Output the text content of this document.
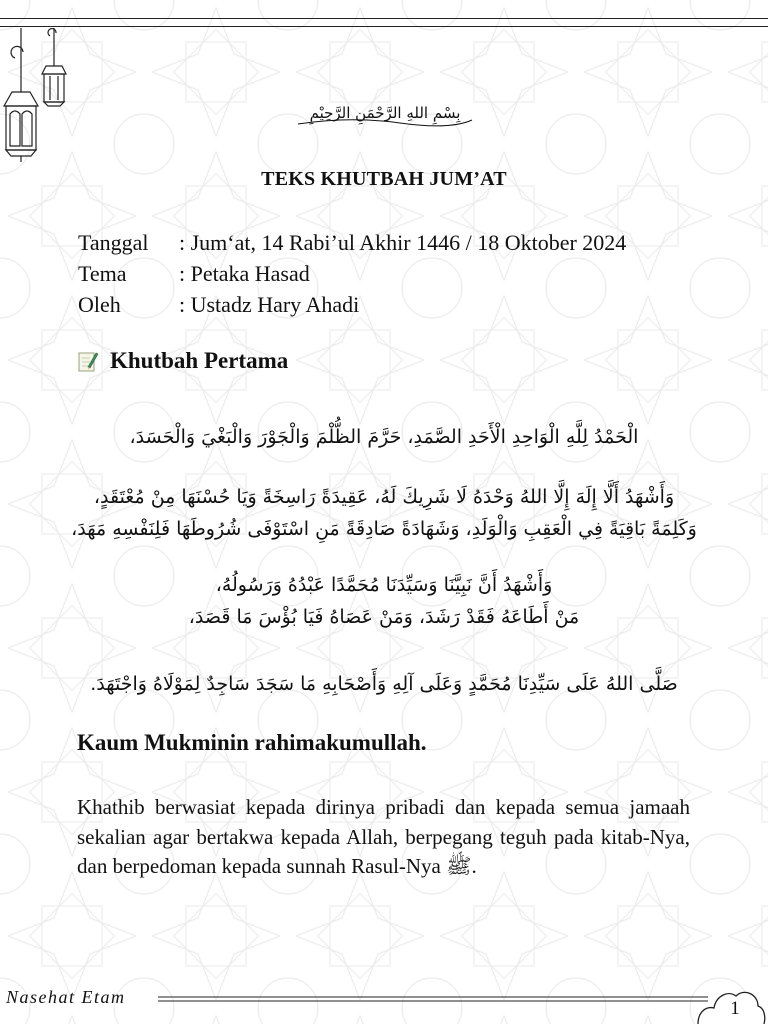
بِسْمِ اللهِ الرَّحْمَنِ الرَّحِيْمِ
TEKS KHUTBAH JUM’AT
Tanggal	: Jum‘at, 14 Rabi’ul Akhir 1446 / 18 Oktober 2024
Tema	: Petaka Hasad
Oleh	: Ustadz Hary Ahadi
Khutbah Pertama
الْحَمْدُ لِلَّهِ الْوَاحِدِ الْأَحَدِ الصَّمَدِ، حَرَّمَ الظُّلْمَ وَالْجَوْرَ وَالْبَغْيَ وَالْحَسَدَ،
وَأَشْهَدُ أَلَّا إِلَهَ إِلَّا اللهُ وَحْدَهُ لَا شَرِيكَ لَهُ، عَقِيدَةً رَاسِخَةً وَيَا حُسْنَهَا مِنْ مُعْتَقَدٍ،
وَكَلِمَةً بَاقِيَةً فِي الْعَقِبِ وَالْوَلَدِ، وَشَهَادَةً صَادِقَةً مَنِ اسْتَوْفَى شُرُوطَهَا فَلِنَفْسِهِ مَهَدَ،
وَأَشْهَدُ أَنَّ نَبِيَّنَا وَسَيِّدَنَا مُحَمَّدًا عَبْدُهُ وَرَسُولُهُ،
مَنْ أَطَاعَهُ فَقَدْ رَشَدَ، وَمَنْ عَصَاهُ فَيَا بُؤْسَ مَا قَصَدَ،
صَلَّى اللهُ عَلَى سَيِّدِنَا مُحَمَّدٍ وَعَلَى آلِهِ وَأَصْحَابِهِ مَا سَجَدَ سَاجِدٌ لِمَوْلَاهُ وَاجْتَهَدَ.
Kaum Mukminin rahimakumullah.
Khathib berwasiat kepada dirinya pribadi dan kepada semua jamaah sekalian agar bertakwa kepada Allah, berpegang teguh pada kitab-Nya, dan berpedoman kepada sunnah Rasul-Nya ﷺ.
Nasehat Etam
1
